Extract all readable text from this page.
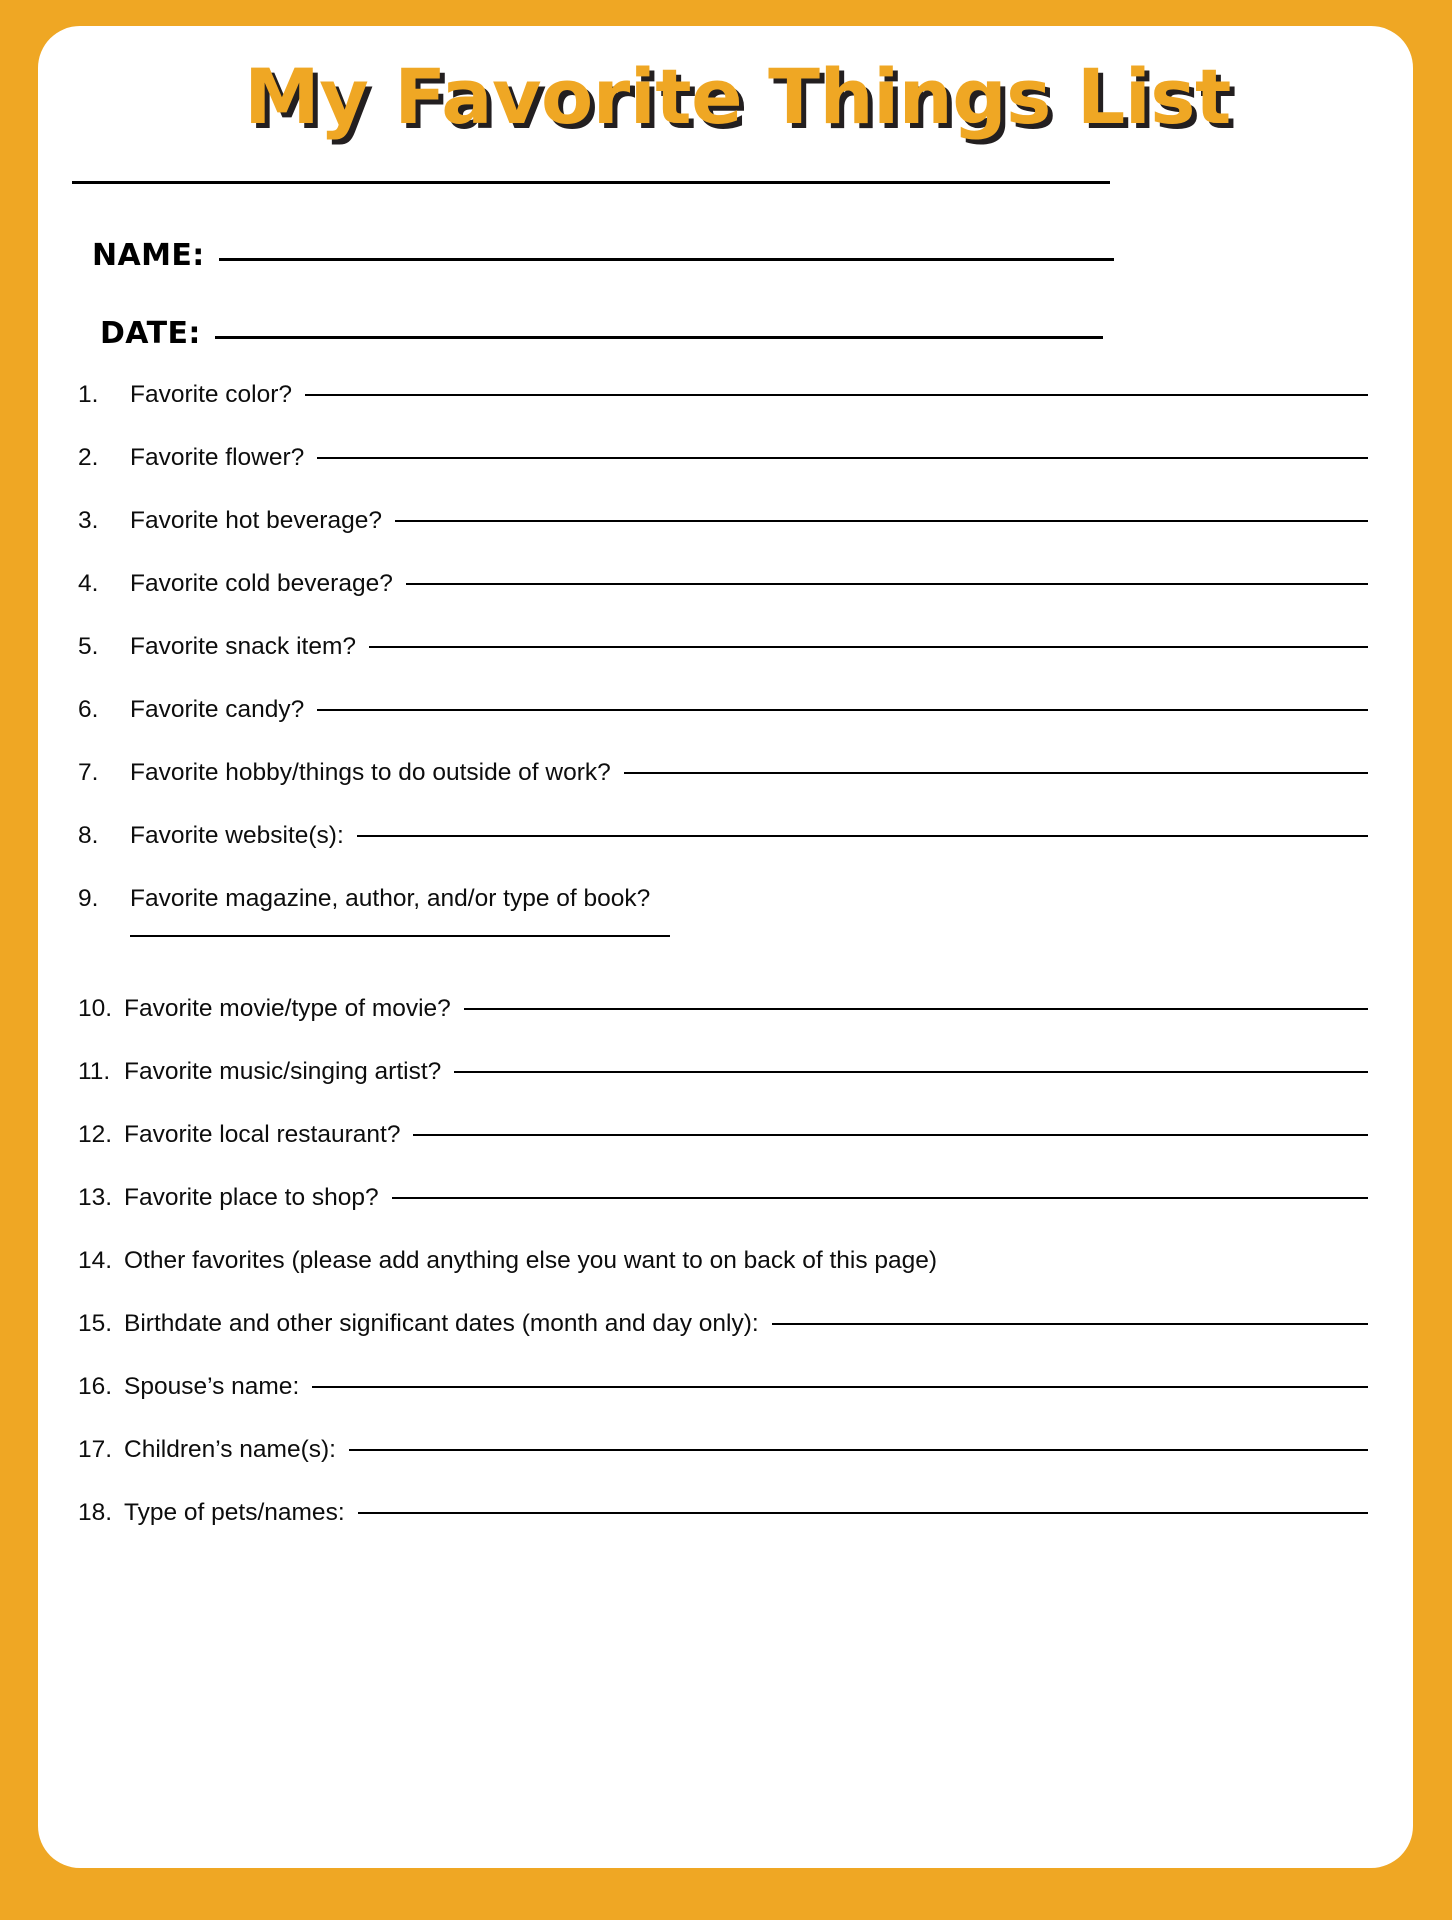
My Favorite Things List
NAME:
DATE:
1.	Favorite color?
2.	Favorite flower?
3.	Favorite hot beverage?
4.	Favorite cold beverage?
5.	Favorite snack item?
6.	Favorite candy?
7.	Favorite hobby/things to do outside of work?
8.	Favorite website(s):
9.	Favorite magazine, author, and/or type of book?
10. Favorite movie/type of movie?
11. Favorite music/singing artist?
12. Favorite local restaurant?
13. Favorite place to shop?
14. Other favorites (please add anything else you want to on back of this page)
15. Birthdate and other significant dates (month and day only):
16. Spouse’s name:
17. Children’s name(s):
18. Type of pets/names:
